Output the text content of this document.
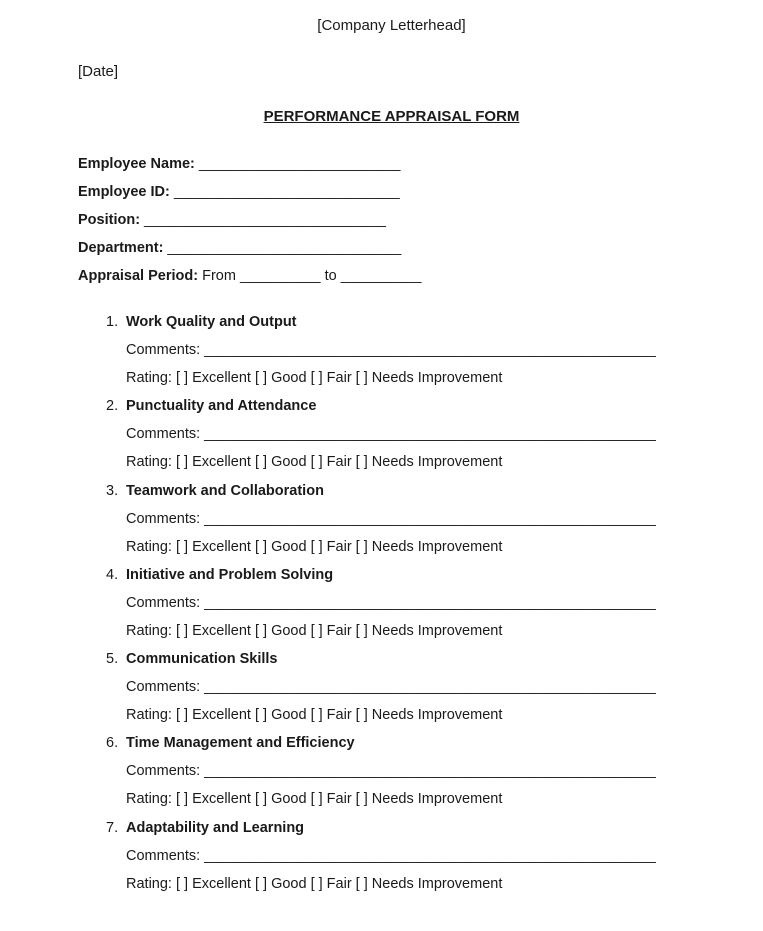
[Company Letterhead]
[Date]
PERFORMANCE APPRAISAL FORM
Employee Name: _________________________
Employee ID: ____________________________
Position: ______________________________
Department: _____________________________
Appraisal Period: From __________ to __________
1. Work Quality and Output
Comments: ________________________________________________________
Rating: [ ] Excellent [ ] Good [ ] Fair [ ] Needs Improvement
2. Punctuality and Attendance
Comments: ________________________________________________________
Rating: [ ] Excellent [ ] Good [ ] Fair [ ] Needs Improvement
3. Teamwork and Collaboration
Comments: ________________________________________________________
Rating: [ ] Excellent [ ] Good [ ] Fair [ ] Needs Improvement
4. Initiative and Problem Solving
Comments: ________________________________________________________
Rating: [ ] Excellent [ ] Good [ ] Fair [ ] Needs Improvement
5. Communication Skills
Comments: ________________________________________________________
Rating: [ ] Excellent [ ] Good [ ] Fair [ ] Needs Improvement
6. Time Management and Efficiency
Comments: ________________________________________________________
Rating: [ ] Excellent [ ] Good [ ] Fair [ ] Needs Improvement
7. Adaptability and Learning
Comments: ________________________________________________________
Rating: [ ] Excellent [ ] Good [ ] Fair [ ] Needs Improvement
